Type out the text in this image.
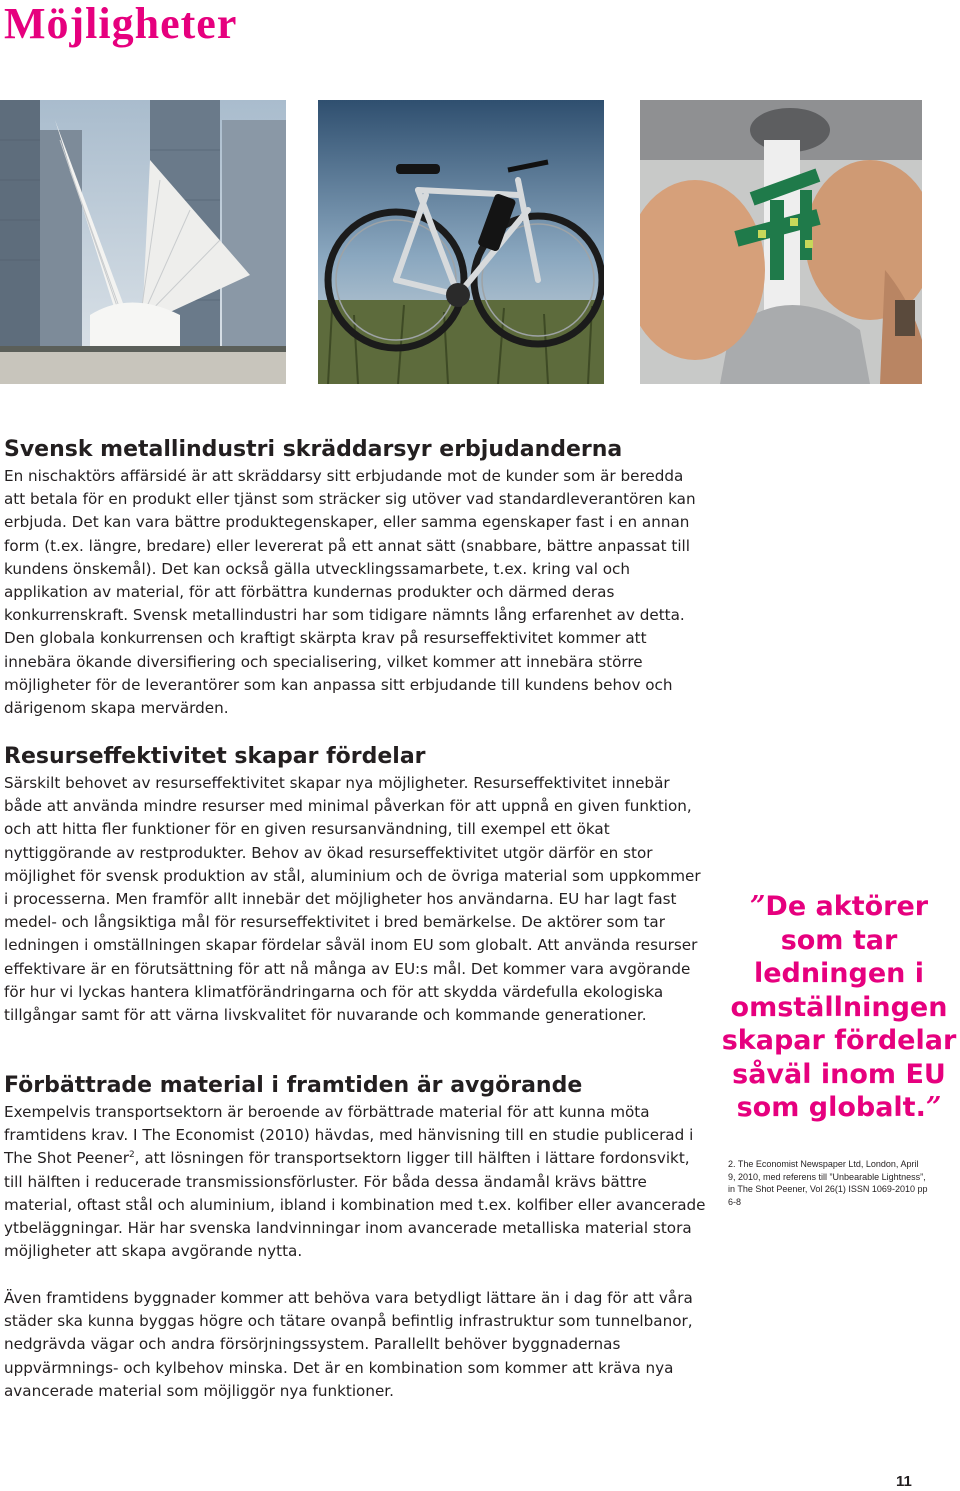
Möjligheter
Svensk metallindustri skräddarsyr erbjudanderna

En nischaktörs affärsidé är att skräddarsy sitt erbjudande mot de kunder som är beredda att betala för en produkt eller tjänst som sträcker sig utöver vad standardleverantören kan erbjuda. Det kan vara bättre produktegenskaper, eller samma egenskaper fast i en annan form (t.ex. längre, bredare) eller levererat på ett annat sätt (snabbare, bättre anpassat till kundens önskemål). Det kan också gälla utvecklingssamarbete, t.ex. kring val och applikation av material, för att förbättra kundernas produkter och därmed deras konkurrenskraft. Svensk metallindustri har som tidigare nämnts lång erfarenhet av detta. Den globala konkurrensen och kraftigt skärpta krav på resurseffektivitet kommer att innebära ökande diversifiering och specialisering, vilket kommer att innebära större möjligheter för de leverantörer som kan anpassa sitt erbjudande till kundens behov och därigenom skapa mervärden.

Resurseffektivitet skapar fördelar

Särskilt behovet av resurseffektivitet skapar nya möjligheter. Resurseffektivitet innebär både att använda mindre resurser med minimal påverkan för att uppnå en given funktion, och att hitta fler funktioner för en given resursanvändning, till exempel ett ökat nyttiggörande av restprodukter. Behov av ökad resurseffektivitet utgör därför en stor möjlighet för svensk produktion av stål, aluminium och de övriga material som uppkommer i processerna. Men framför allt innebär det möjligheter hos användarna. EU har lagt fast medel- och långsiktiga mål för resurseffektivitet i bred bemärkelse. De aktörer som tar ledningen i omställningen skapar fördelar såväl inom EU som globalt. Att använda resurser effektivare är en förutsättning för att nå många av EU:s mål. Det kommer vara avgörande för hur vi lyckas hantera klimatförändringarna och för att skydda värdefulla ekologiska tillgångar samt för att värna livskvalitet för nuvarande och kommande generationer.

Förbättrade material i framtiden är avgörande

Exempelvis transportsektorn är beroende av förbättrade material för att kunna möta framtidens krav. I The Economist (2010) hävdas, med hänvisning till en studie publicerad i The Shot Peener$^2$, att lösningen för transportsektorn ligger till hälften i lättare fordonsvikt, till hälften i reducerade transmissionsförluster. För båda dessa ändamål krävs bättre material, oftast stål och aluminium, ibland i kombination med t.ex. kolfiber eller avancerade ytbeläggningar. Här har svenska landvinningar inom avancerade metalliska material stora möjligheter att skapa avgörande nytta.

Även framtidens byggnader kommer att behöva vara betydligt lättare än i dag för att våra städer ska kunna byggas högre och tätare ovanpå befintlig infrastruktur som tunnelbanor, nedgrävda vägar och andra försörjningssystem. Parallellt behöver byggnadernas uppvärmnings- och kylbehov minska. Det är en kombination som kommer att kräva nya avancerade material som möjliggör nya funktioner.

”De aktörer som tar ledningen i omställningen skapar fördelar såväl inom EU som globalt.”

2. The Economist Newspaper Ltd, London, April 9, 2010, med referens till ”Unbearable Lightness”, in The Shot Peener, Vol 26(1) ISSN 1069-2010 pp 6-8

11
